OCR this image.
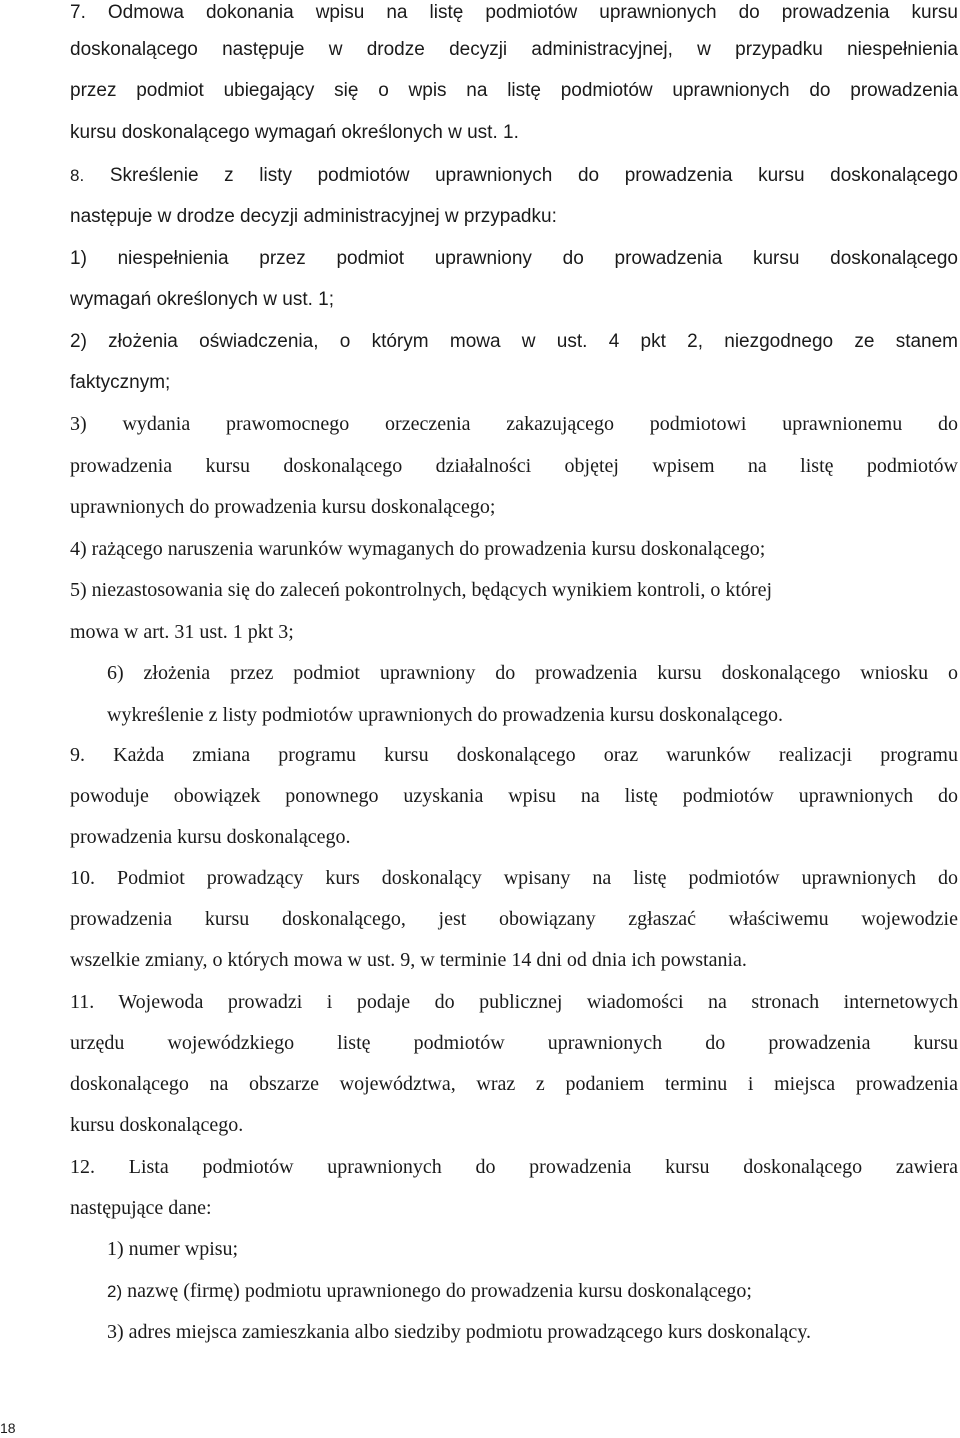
7. Odmowa dokonania wpisu na listę podmiotów uprawnionych do prowadzenia kursu
doskonalącego następuje w drodze decyzji administracyjnej, w przypadku niespełnienia
przez podmiot ubiegający się o wpis na listę podmiotów uprawnionych do prowadzenia
kursu doskonalącego wymagań określonych w ust. 1.
8. Skreślenie z listy podmiotów uprawnionych do prowadzenia kursu doskonalącego
następuje w drodze decyzji administracyjnej w przypadku:
1) niespełnienia przez podmiot uprawniony do prowadzenia kursu doskonalącego
wymagań określonych w ust. 1;
2) złożenia oświadczenia, o którym mowa w ust. 4 pkt 2, niezgodnego ze stanem
faktycznym;
3) wydania prawomocnego orzeczenia zakazującego podmiotowi uprawnionemu do
prowadzenia kursu doskonalącego działalności objętej wpisem na listę podmiotów
uprawnionych do prowadzenia kursu doskonalącego;
4) rażącego naruszenia warunków wymaganych do prowadzenia kursu doskonalącego;
5) niezastosowania się do zaleceń pokontrolnych, będących wynikiem kontroli, o której
mowa w art. 31 ust. 1 pkt 3;
6) złożenia przez podmiot uprawniony do prowadzenia kursu doskonalącego wniosku o
wykreślenie z listy podmiotów uprawnionych do prowadzenia kursu doskonalącego.
9. Każda zmiana programu kursu doskonalącego oraz warunków realizacji programu
powoduje obowiązek ponownego uzyskania wpisu na listę podmiotów uprawnionych do
prowadzenia kursu doskonalącego.
10. Podmiot prowadzący kurs doskonalący wpisany na listę podmiotów uprawnionych do
prowadzenia kursu doskonalącego, jest obowiązany zgłaszać właściwemu wojewodzie
wszelkie zmiany, o których mowa w ust. 9, w terminie 14 dni od dnia ich powstania.
11. Wojewoda prowadzi i podaje do publicznej wiadomości na stronach internetowych
urzędu wojewódzkiego listę podmiotów uprawnionych do prowadzenia kursu
doskonalącego na obszarze województwa, wraz z podaniem terminu i miejsca prowadzenia
kursu doskonalącego.
12. Lista podmiotów uprawnionych do prowadzenia kursu doskonalącego zawiera
następujące dane:
1) numer wpisu;
2) nazwę (firmę) podmiotu uprawnionego do prowadzenia kursu doskonalącego;
3) adres miejsca zamieszkania albo siedziby podmiotu prowadzącego kurs doskonalący.
18
